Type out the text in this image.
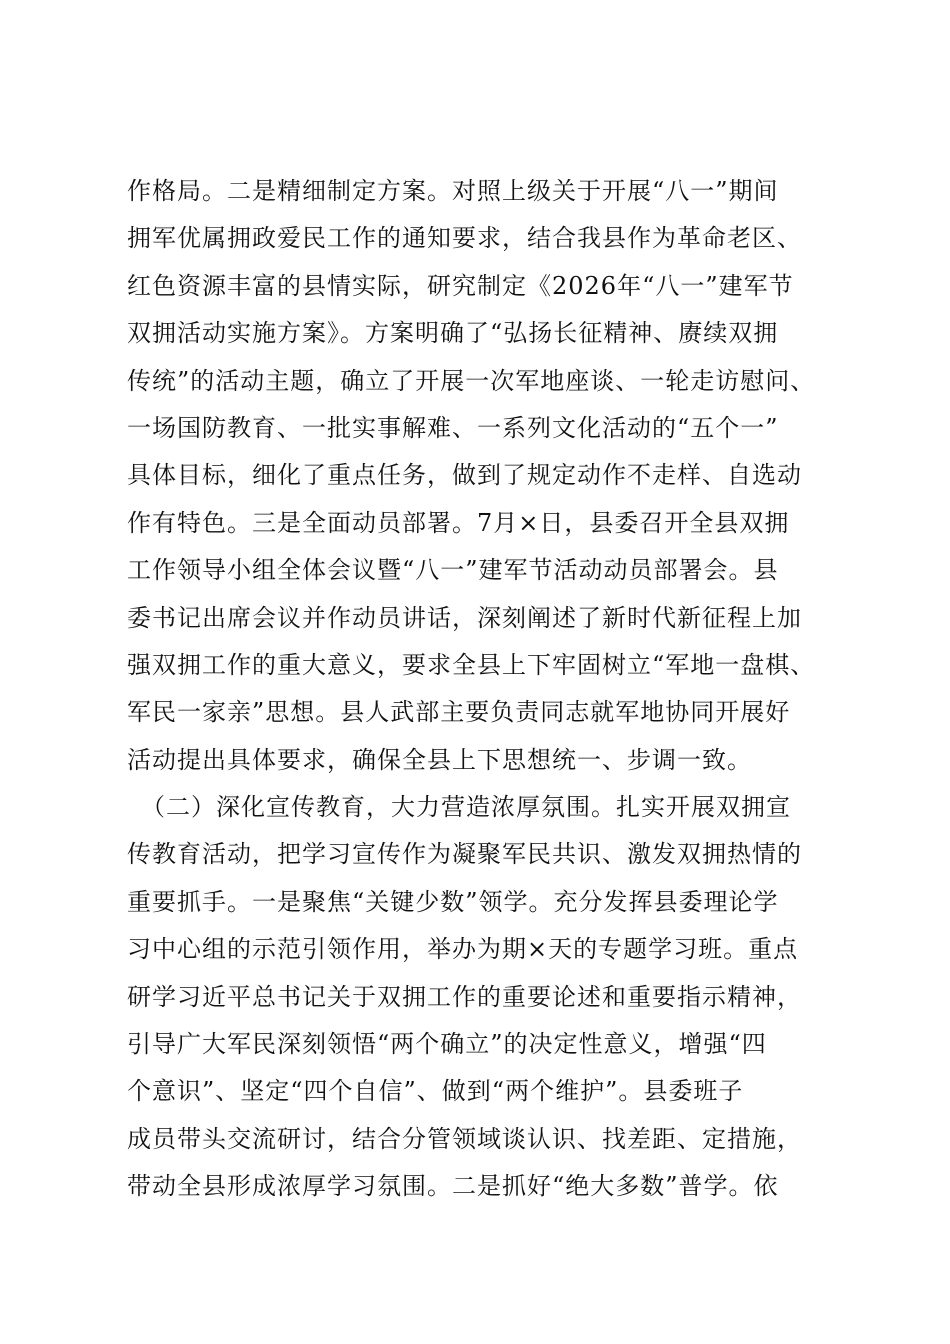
作格局。二是精细制定方案。对照上级关于开展“八一”期间
拥军优属拥政爱民工作的通知要求，结合我县作为革命老区、
红色资源丰富的县情实际，研究制定《2026年“八一”建军节
双拥活动实施方案》。方案明确了“弘扬长征精神、赓续双拥
传统”的活动主题，确立了开展一次军地座谈、一轮走访慰问、
一场国防教育、一批实事解难、一系列文化活动的“五个一”
具体目标，细化了重点任务，做到了规定动作不走样、自选动
作有特色。三是全面动员部署。7月×日，县委召开全县双拥
工作领导小组全体会议暨“八一”建军节活动动员部署会。县
委书记出席会议并作动员讲话，深刻阐述了新时代新征程上加
强双拥工作的重大意义，要求全县上下牢固树立“军地一盘棋、
军民一家亲”思想。县人武部主要负责同志就军地协同开展好
活动提出具体要求，确保全县上下思想统一、步调一致。
（二）深化宣传教育，大力营造浓厚氛围。扎实开展双拥宣
传教育活动，把学习宣传作为凝聚军民共识、激发双拥热情的
重要抓手。一是聚焦“关键少数”领学。充分发挥县委理论学
习中心组的示范引领作用，举办为期×天的专题学习班。重点
研学习近平总书记关于双拥工作的重要论述和重要指示精神，
引导广大军民深刻领悟“两个确立”的决定性意义，增强“四
个意识”、坚定“四个自信”、做到“两个维护”。县委班子
成员带头交流研讨，结合分管领域谈认识、找差距、定措施，
带动全县形成浓厚学习氛围。二是抓好“绝大多数”普学。依
